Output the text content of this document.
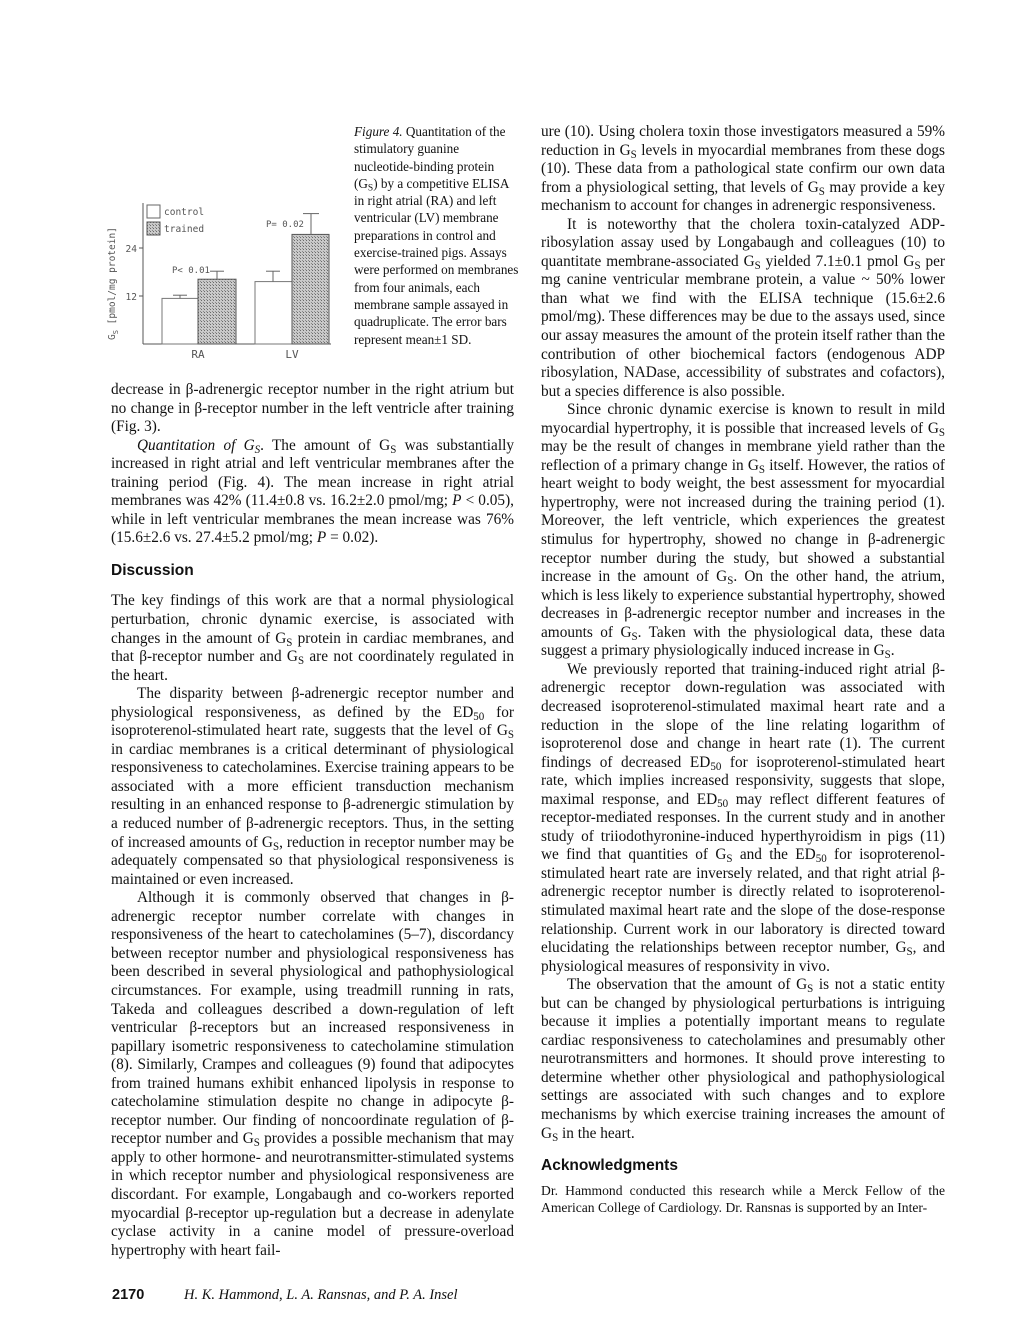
control
trained
24
12
RA	LV
P< 0.01
P= 0.02
$G_S$ [pmol/mg protein]
Figure 4. Quantitation of the stimulatory guanine nucleotide-binding protein $(G_S)$ by a competitive ELISA in right atrial (RA) and left ventricular (LV) membrane preparations in control and exercise-trained pigs. Assays were performed on membranes from four animals, each membrane sample assayed in quadruplicate. The error bars represent mean±1 SD.

decrease in β-adrenergic receptor number in the right atrium but no change in β-receptor number in the left ventricle after training (Fig. 3).

Quantitation of $G_S$. The amount of $G_S$ was substantially increased in right atrial and left ventricular membranes after the training period (Fig. 4). The mean increase in right atrial membranes was 42% (11.4±0.8 vs. 16.2±2.0 pmol/mg; P < 0.05), while in left ventricular membranes the mean increase was 76% (15.6±2.6 vs. 27.4±5.2 pmol/mg; P = 0.02).

Discussion

The key findings of this work are that a normal physiological perturbation, chronic dynamic exercise, is associated with changes in the amount of $G_S$ protein in cardiac membranes, and that β-receptor number and $G_S$ are not coordinately regulated in the heart.

The disparity between β-adrenergic receptor number and physiological responsiveness, as defined by the $ED_{50}$ for isoproterenol-stimulated heart rate, suggests that the level of $G_S$ in cardiac membranes is a critical determinant of physiological responsiveness to catecholamines. Exercise training appears to be associated with a more efficient transduction mechanism resulting in an enhanced response to β-adrenergic stimulation by a reduced number of β-adrenergic receptors. Thus, in the setting of increased amounts of $G_S$, reduction in receptor number may be adequately compensated so that physiological responsiveness is maintained or even increased.

Although it is commonly observed that changes in β-adrenergic receptor number correlate with changes in responsiveness of the heart to catecholamines (5–7), discordancy between receptor number and physiological responsiveness has been described in several physiological and pathophysiological circumstances. For example, using treadmill running in rats, Takeda and colleagues described a down-regulation of left ventricular β-receptors but an increased responsiveness in papillary isometric responsiveness to catecholamine stimulation (8). Similarly, Crampes and colleagues (9) found that adipocytes from trained humans exhibit enhanced lipolysis in response to catecholamine stimulation despite no change in adipocyte β-receptor number. Our finding of noncoordinate regulation of β-receptor number and $G_S$ provides a possible mechanism that may apply to other hormone- and neurotransmitter-stimulated systems in which receptor number and physiological responsiveness are discordant. For example, Longabaugh and co-workers reported myocardial β-receptor up-regulation but a decrease in adenylate cyclase activity in a canine model of pressure-overload hypertrophy with heart fail-

ure (10). Using cholera toxin those investigators measured a 59% reduction in $G_S$ levels in myocardial membranes from these dogs (10). These data from a pathological state confirm our own data from a physiological setting, that levels of $G_S$ may provide a key mechanism to account for changes in adrenergic responsiveness.

It is noteworthy that the cholera toxin-catalyzed ADP-ribosylation assay used by Longabaugh and colleagues (10) to quantitate membrane-associated $G_S$ yielded 7.1±0.1 pmol $G_S$ per mg canine ventricular membrane protein, a value ~ 50% lower than what we find with the ELISA technique (15.6±2.6 pmol/mg). These differences may be due to the assays used, since our assay measures the amount of the protein itself rather than the contribution of other biochemical factors (endogenous ADP ribosylation, NADase, accessibility of substrates and cofactors), but a species difference is also possible.

Since chronic dynamic exercise is known to result in mild myocardial hypertrophy, it is possible that increased levels of $G_S$ may be the result of changes in membrane yield rather than the reflection of a primary change in $G_S$ itself. However, the ratios of heart weight to body weight, the best assessment for myocardial hypertrophy, were not increased during the training period (1). Moreover, the left ventricle, which experiences the greatest stimulus for hypertrophy, showed no change in β-adrenergic receptor number during the study, but showed a substantial increase in the amount of $G_S$. On the other hand, the atrium, which is less likely to experience substantial hypertrophy, showed decreases in β-adrenergic receptor number and increases in the amounts of $G_S$. Taken with the physiological data, these data suggest a primary physiologically induced increase in $G_S$.

We previously reported that training-induced right atrial β-adrenergic receptor down-regulation was associated with decreased isoproterenol-stimulated maximal heart rate and a reduction in the slope of the line relating logarithm of isoproterenol dose and change in heart rate (1). The current findings of decreased $ED_{50}$ for isoproterenol-stimulated heart rate, which implies increased responsivity, suggests that slope, maximal response, and $ED_{50}$ may reflect different features of receptor-mediated responses. In the current study and in another study of triiodothyronine-induced hyperthyroidism in pigs (11) we find that quantities of $G_S$ and the $ED_{50}$ for isoproterenol-stimulated heart rate are inversely related, and that right atrial β-adrenergic receptor number is directly related to isoproterenol-stimulated maximal heart rate and the slope of the dose-response relationship. Current work in our laboratory is directed toward elucidating the relationships between receptor number, $G_S$, and physiological measures of responsivity in vivo.

The observation that the amount of $G_S$ is not a static entity but can be changed by physiological perturbations is intriguing because it implies a potentially important means to regulate cardiac responsiveness to catecholamines and presumably other neurotransmitters and hormones. It should prove interesting to determine whether other physiological and pathophysiological settings are associated with such changes and to explore mechanisms by which exercise training increases the amount of $G_S$ in the heart.

Acknowledgments

Dr. Hammond conducted this research while a Merck Fellow of the American College of Cardiology. Dr. Ransnas is supported by an Inter-

2170	H. K. Hammond, L. A. Ransnas, and P. A. Insel
